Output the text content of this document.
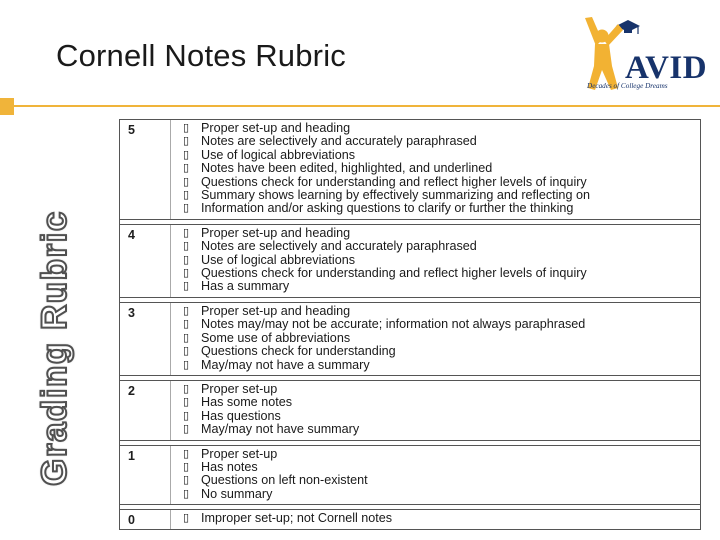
Cornell Notes Rubric	AVID
Decades of College Dreams
Grading Rubric
5	▯ Proper set-up and heading
▯ Notes are selectively and accurately paraphrased
▯ Use of logical abbreviations
▯ Notes have been edited, highlighted, and underlined
▯ Questions check for understanding and reflect higher levels of inquiry
▯ Summary shows learning by effectively summarizing and reflecting on
▯ Information and/or asking questions to clarify or further the thinking
4	▯ Proper set-up and heading
▯ Notes are selectively and accurately paraphrased
▯ Use of logical abbreviations
▯ Questions check for understanding and reflect higher levels of inquiry
▯ Has a summary
3	▯ Proper set-up and heading
▯ Notes may/may not be accurate; information not always paraphrased
▯ Some use of abbreviations
▯ Questions check for understanding
▯ May/may not have a summary
2	▯ Proper set-up
▯ Has some notes
▯ Has questions
▯ May/may not have summary
1	▯ Proper set-up
▯ Has notes
▯ Questions on left non-existent
▯ No summary
0	▯ Improper set-up; not Cornell notes
